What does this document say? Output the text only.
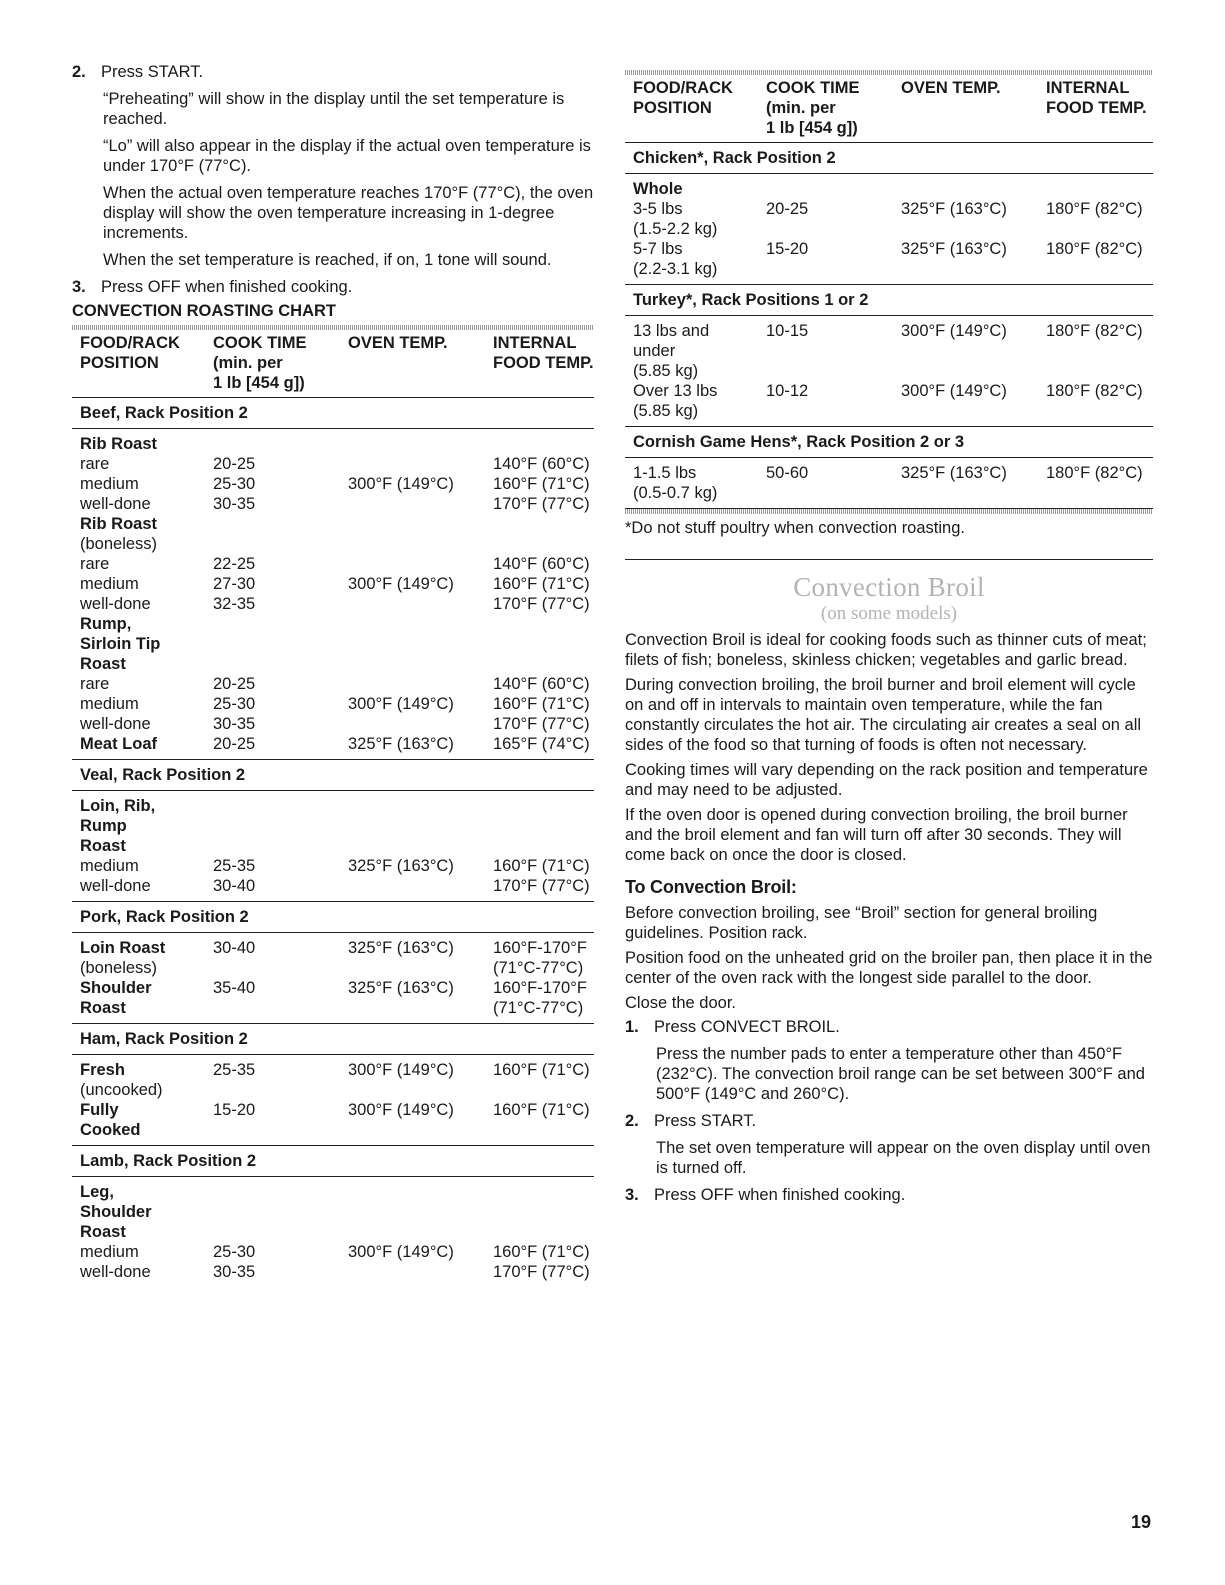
2. Press START.

“Preheating” will show in the display until the set temperature is reached.

“Lo” will also appear in the display if the actual oven temperature is under 170°F (77°C).

When the actual oven temperature reaches 170°F (77°C), the oven display will show the oven temperature increasing in 1-degree increments.

When the set temperature is reached, if on, 1 tone will sound.

3. Press OFF when finished cooking.
CONVECTION ROASTING CHART
FOOD/RACK
POSITION	COOK TIME
(min. per
1 lb [454 g])	OVEN TEMP.	INTERNAL
FOOD TEMP.
Beef, Rack Position 2			
Rib Roast			
rare	20-25		140°F (60°C)
medium	25-30	300°F (149°C)	160°F (71°C)
well-done	30-35		170°F (77°C)
Rib Roast			
(boneless)			
rare	22-25		140°F (60°C)
medium	27-30	300°F (149°C)	160°F (71°C)
well-done	32-35		170°F (77°C)
Rump,			
Sirloin Tip			
Roast			
rare	20-25		140°F (60°C)
medium	25-30	300°F (149°C)	160°F (71°C)
well-done	30-35		170°F (77°C)
Meat Loaf	20-25	325°F (163°C)	165°F (74°C)
Veal, Rack Position 2			
Loin, Rib,			
Rump			
Roast			
medium	25-35	325°F (163°C)	160°F (71°C)
well-done	30-40		170°F (77°C)
Pork, Rack Position 2			
Loin Roast	30-40	325°F (163°C)	160°F-170°F
(boneless)			(71°C-77°C)
Shoulder	35-40	325°F (163°C)	160°F-170°F
Roast			(71°C-77°C)
Ham, Rack Position 2			
Fresh	25-35	300°F (149°C)	160°F (71°C)
(uncooked)			
Fully	15-20	300°F (149°C)	160°F (71°C)
Cooked			
Lamb, Rack Position 2			
Leg,			
Shoulder			
Roast			
medium	25-30	300°F (149°C)	160°F (71°C)
well-done	30-35		170°F (77°C)
FOOD/RACK
POSITION	COOK TIME
(min. per
1 lb [454 g])	OVEN TEMP.	INTERNAL
FOOD TEMP.
Chicken*, Rack Position 2			
Whole			
3-5 lbs	20-25	325°F (163°C)	180°F (82°C)
(1.5-2.2 kg)			
5-7 lbs	15-20	325°F (163°C)	180°F (82°C)
(2.2-3.1 kg)			
Turkey*, Rack Positions 1 or 2			
13 lbs and	10-15	300°F (149°C)	180°F (82°C)
under			
(5.85 kg)			
Over 13 lbs	10-12	300°F (149°C)	180°F (82°C)
(5.85 kg)			
Cornish Game Hens*, Rack Position 2 or 3			
1-1.5 lbs	50-60	325°F (163°C)	180°F (82°C)
(0.5-0.7 kg)			
*Do not stuff poultry when convection roasting.
Convection Broil
(on some models)

Convection Broil is ideal for cooking foods such as thinner cuts of meat; filets of fish; boneless, skinless chicken; vegetables and garlic bread.

During convection broiling, the broil burner and broil element will cycle on and off in intervals to maintain oven temperature, while the fan constantly circulates the hot air. The circulating air creates a seal on all sides of the food so that turning of foods is often not necessary.

Cooking times will vary depending on the rack position and temperature and may need to be adjusted.

If the oven door is opened during convection broiling, the broil burner and the broil element and fan will turn off after 30 seconds. They will come back on once the door is closed.

To Convection Broil:

Before convection broiling, see “Broil” section for general broiling guidelines. Position rack.

Position food on the unheated grid on the broiler pan, then place it in the center of the oven rack with the longest side parallel to the door.

Close the door.

1. Press CONVECT BROIL.

Press the number pads to enter a temperature other than 450°F (232°C). The convection broil range can be set between 300°F and 500°F (149°C and 260°C).

2. Press START.

The set oven temperature will appear on the oven display until oven is turned off.

3. Press OFF when finished cooking.
19
